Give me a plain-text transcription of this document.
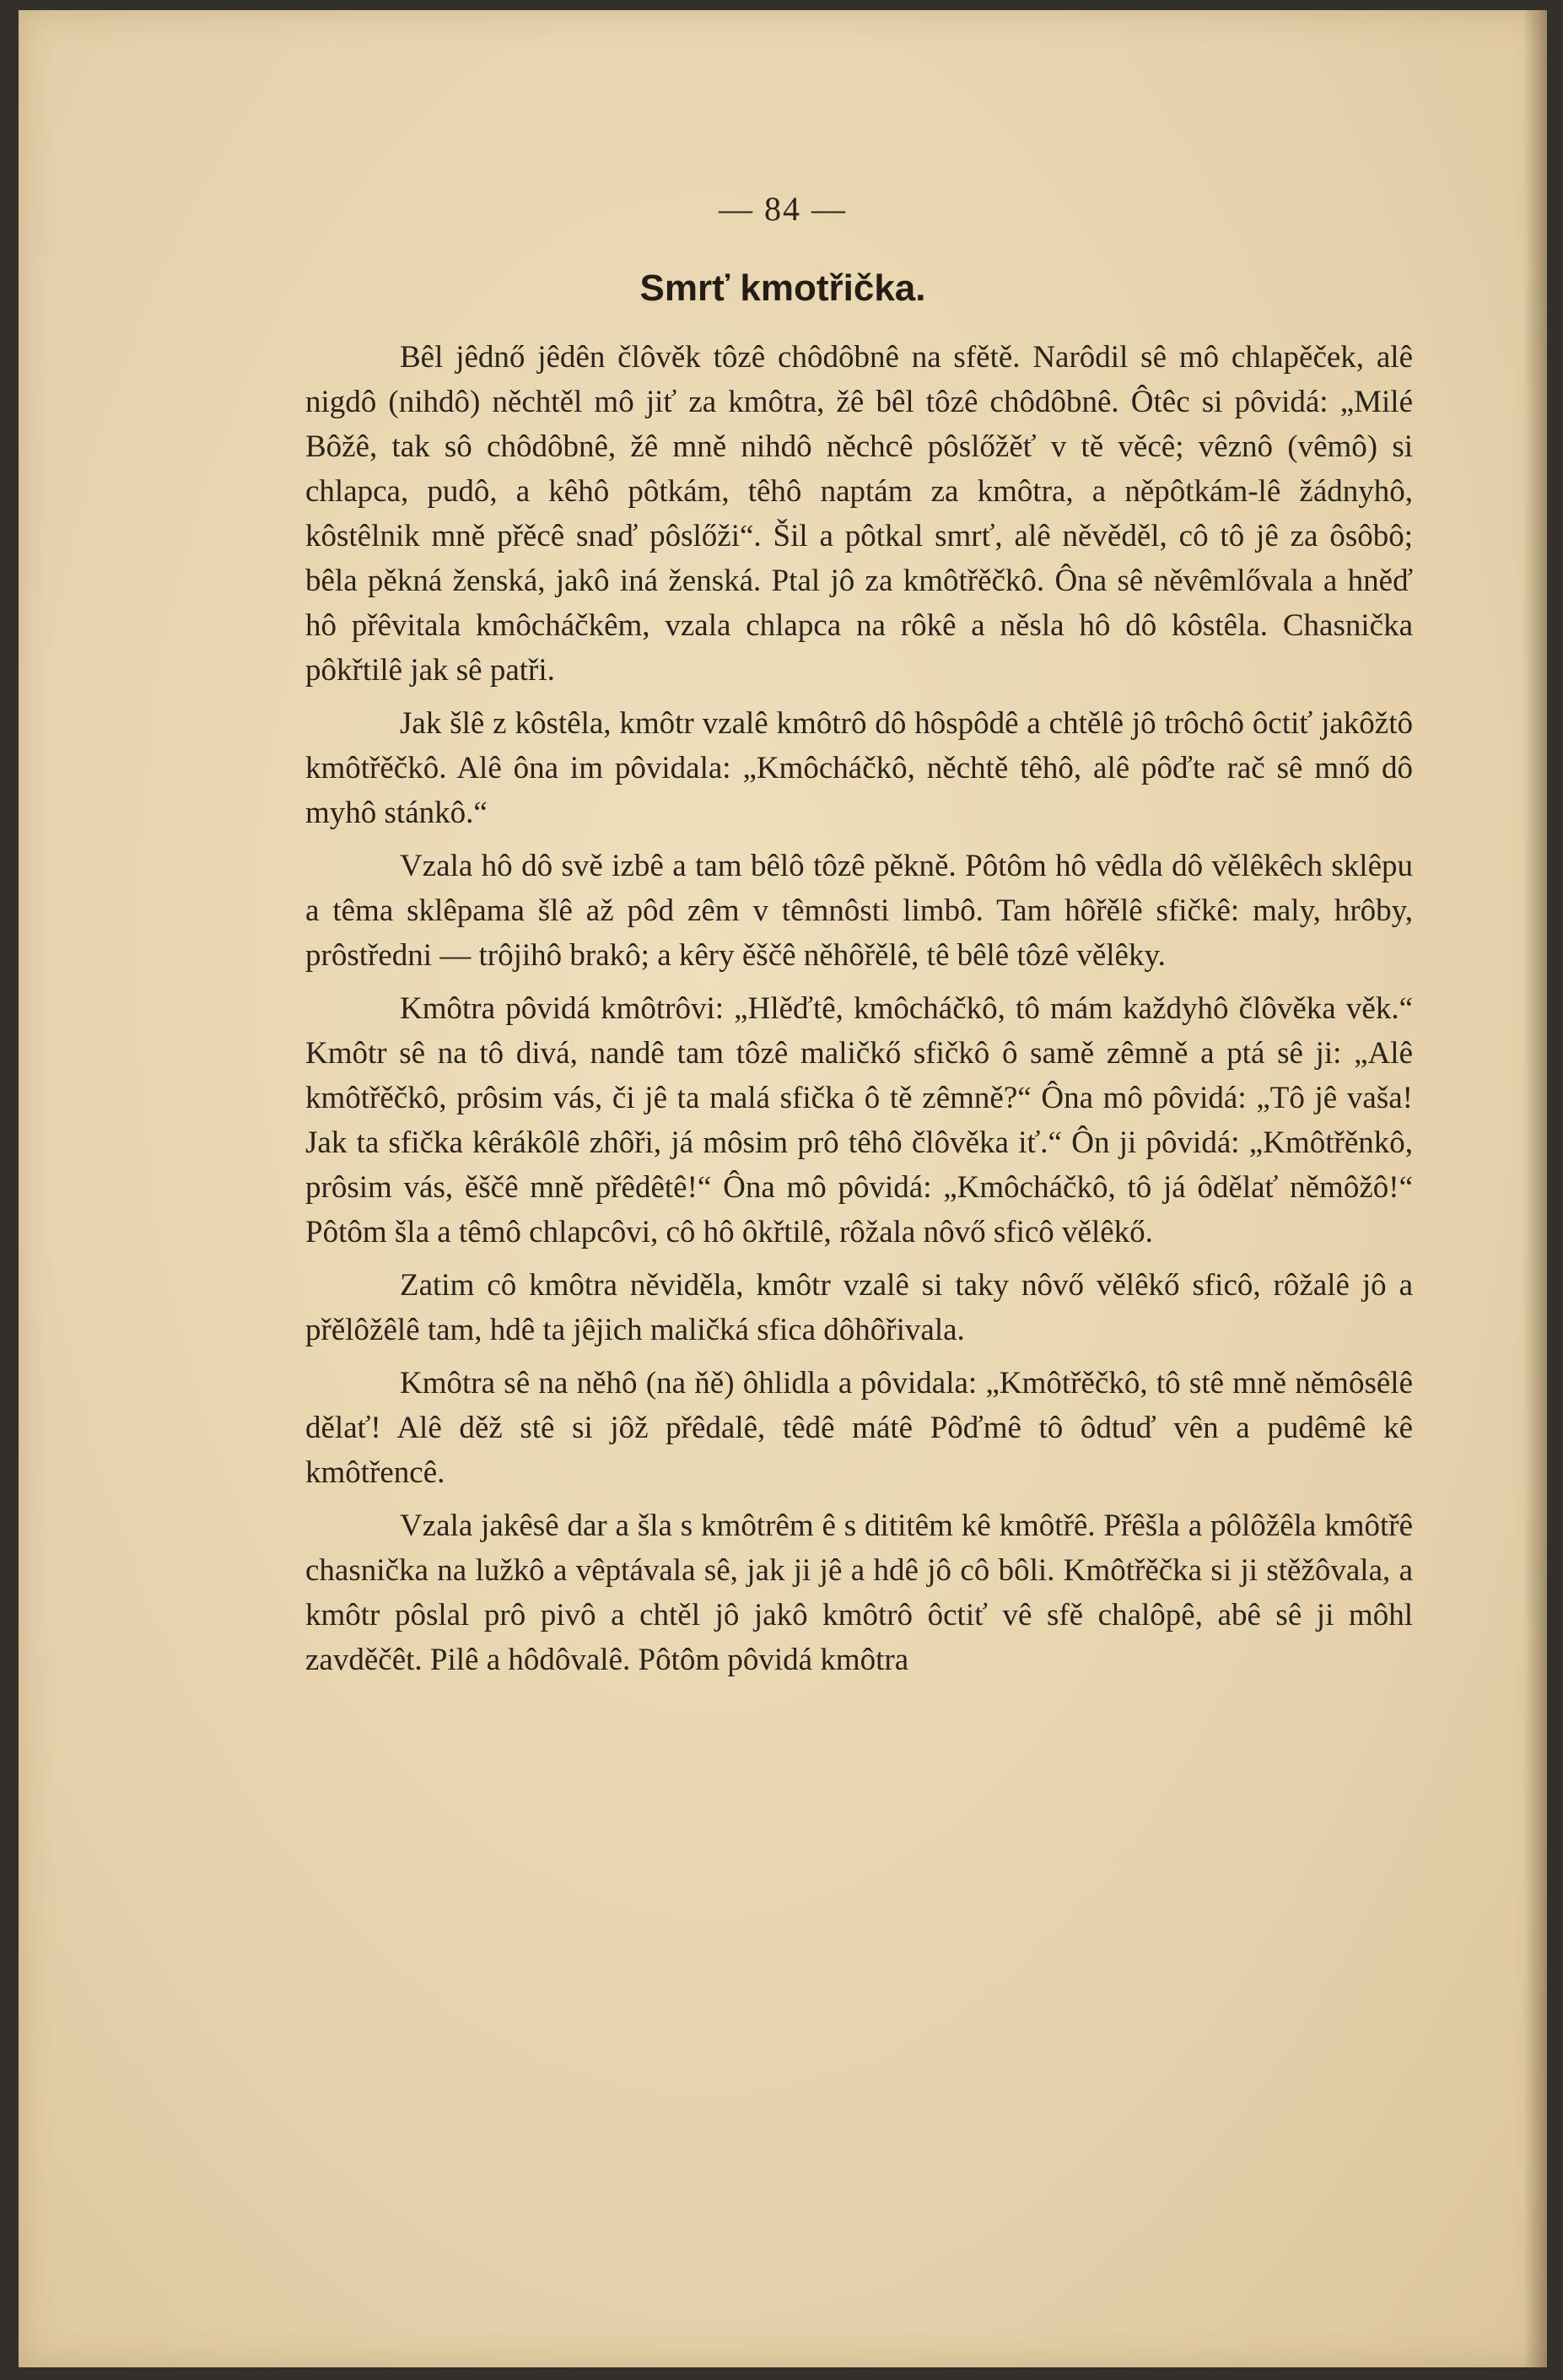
— 84 —
Smrť kmotřička.

Bêl jêdnő jêdên člôvěk tôzê chôdôbnê na sfětě. Narôdil sê mô chlapěček, alê nigdô (nihdô) něchtěl mô jiť za kmôtra, žê bêl tôzê chôdôbnê. Ôtêc si pôvidá: „Milé Bôžê, tak sô chôdôbnê, žê mně nihdô něchcê pôslőžěť v tě věcê; vêznô (vêmô) si chlapca, pudô, a kêhô pôtkám, têhô naptám za kmôtra, a něpôtkám-lê žádnyhô, kôstêlnik mně přěcê snaď pôslőži“. Šil a pôtkal smrť, alê něvěděl, cô tô jê za ôsôbô; bêla pěkná ženská, jakô iná ženská. Ptal jô za kmôtřěčkô. Ôna sê něvêmlővala a hněď hô přêvitala kmôcháčkêm, vzala chlapca na rôkê a něsla hô dô kôstêla. Chasnička pôkřtilê jak sê patři.

Jak šlê z kôstêla, kmôtr vzalê kmôtrô dô hôspôdê a chtělê jô trôchô ôctiť jakôžtô kmôtřěčkô. Alê ôna im pôvidala: „Kmôcháčkô, něchtě têhô, alê pôďte rač sê mnő dô myhô stánkô.“

Vzala hô dô svě izbê a tam bêlô tôzê pěkně. Pôtôm hô vêdla dô vělêkêch sklêpu a têma sklêpama šlê až pôd zêm v têmnôsti limbô. Tam hôřělê sfičkê: maly, hrôby, prôstředni — trôjihô brakô; a kêry ěščê něhôřělê, tê bêlê tôzê vělêky.

Kmôtra pôvidá kmôtrôvi: „Hlěďtê, kmôcháčkô, tô mám každyhô člôvěka věk.“ Kmôtr sê na tô divá, nandê tam tôzê maličkő sfičkô ô samě zêmně a ptá sê ji: „Alê kmôtřěčkô, prôsim vás, či jê ta malá sfička ô tě zêmně?“ Ôna mô pôvidá: „Tô jê vaša! Jak ta sfička kêrákôlê zhôři, já môsim prô têhô člôvěka iť.“ Ôn ji pôvidá: „Kmôtřěnkô, prôsim vás, ěščê mně přêdêtê!“ Ôna mô pôvidá: „Kmôcháčkô, tô já ôdělať němôžô!“ Pôtôm šla a têmô chlapcôvi, cô hô ôkřtilê, rôžala nôvő sficô vělêkő.

Zatim cô kmôtra něviděla, kmôtr vzalê si taky nôvő vělêkő sficô, rôžalê jô a přělôžêlê tam, hdê ta jêjich maličká sfica dôhôřivala.

Kmôtra sê na něhô (na ňě) ôhlidla a pôvidala: „Kmôtřěčkô, tô stê mně němôsêlê dělať! Alê děž stê si jôž přêdalê, têdê mátê Pôďmê tô ôdtuď vên a pudêmê kê kmôtřencê.

Vzala jakêsê dar a šla s kmôtrêm ê s dititêm kê kmôtřê. Přêšla a pôlôžêla kmôtřê chasnička na lužkô a vêptávala sê, jak ji jê a hdê jô cô bôli. Kmôtřěčka si ji stěžôvala, a kmôtr pôslal prô pivô a chtěl jô jakô kmôtrô ôctiť vê sfě chalôpê, abê sê ji môhl zavděčêt. Pilê a hôdôvalê. Pôtôm pôvidá kmôtra
